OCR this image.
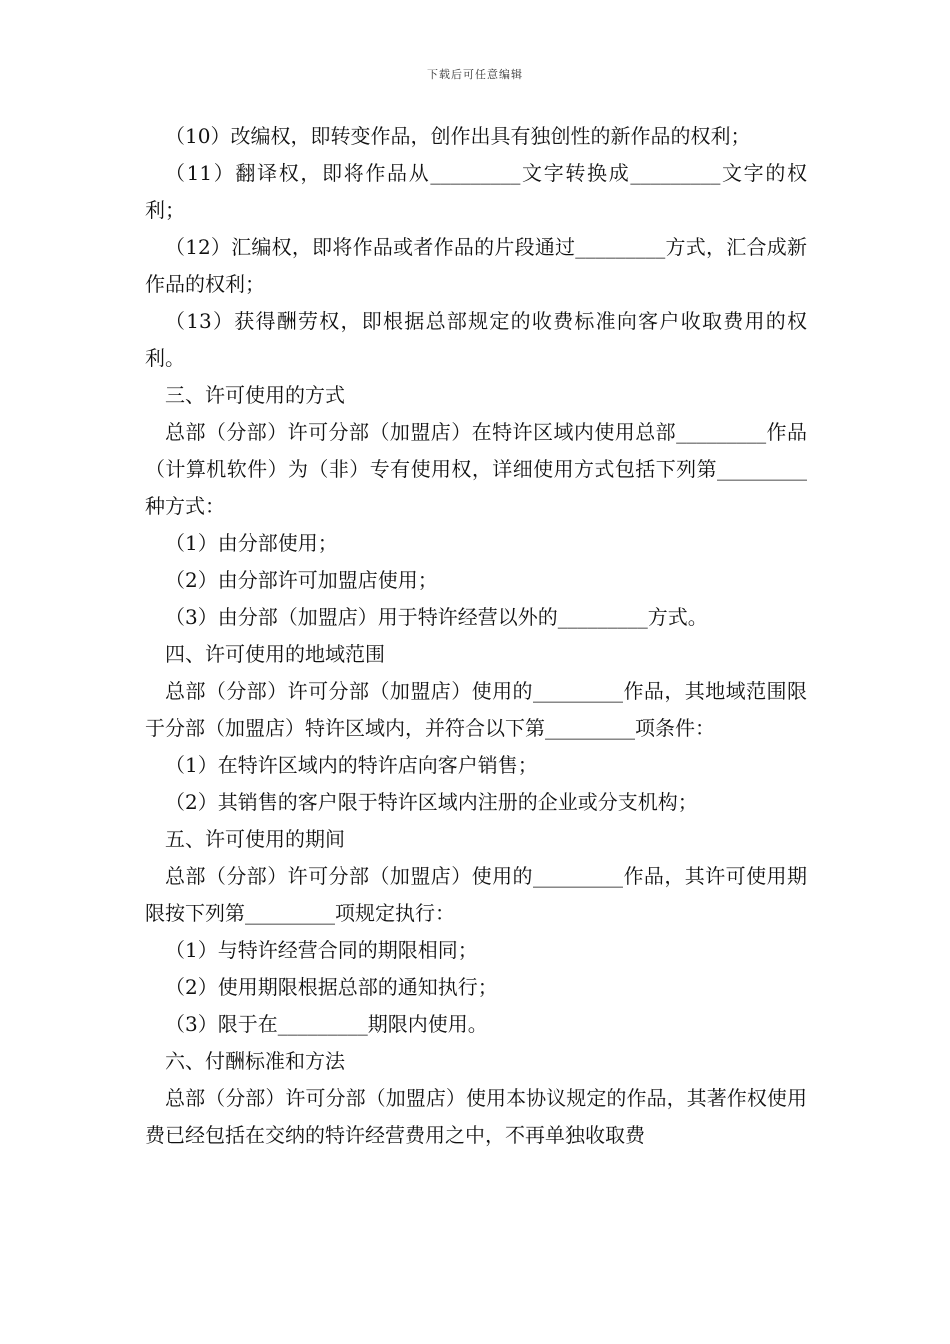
下载后可任意编辑

（10）改编权，即转变作品，创作出具有独创性的新作品的权利；

（11）翻译权，即将作品从_________文字转换成_________文字的权利；

（12）汇编权，即将作品或者作品的片段通过_________方式，汇合成新作品的权利；

（13）获得酬劳权，即根据总部规定的收费标准向客户收取费用的权利。

三、许可使用的方式

总部（分部）许可分部（加盟店）在特许区域内使用总部_________作品（计算机软件）为（非）专有使用权，详细使用方式包括下列第_________种方式：

（1）由分部使用；

（2）由分部许可加盟店使用；

（3）由分部（加盟店）用于特许经营以外的_________方式。

四、许可使用的地域范围

总部（分部）许可分部（加盟店）使用的_________作品，其地域范围限于分部（加盟店）特许区域内，并符合以下第_________项条件：

（1）在特许区域内的特许店向客户销售；

（2）其销售的客户限于特许区域内注册的企业或分支机构；

五、许可使用的期间

总部（分部）许可分部（加盟店）使用的_________作品，其许可使用期限按下列第_________项规定执行：

（1）与特许经营合同的期限相同；

（2）使用期限根据总部的通知执行；

（3）限于在_________期限内使用。

六、付酬标准和方法

总部（分部）许可分部（加盟店）使用本协议规定的作品，其著作权使用费已经包括在交纳的特许经营费用之中，不再单独收取费
